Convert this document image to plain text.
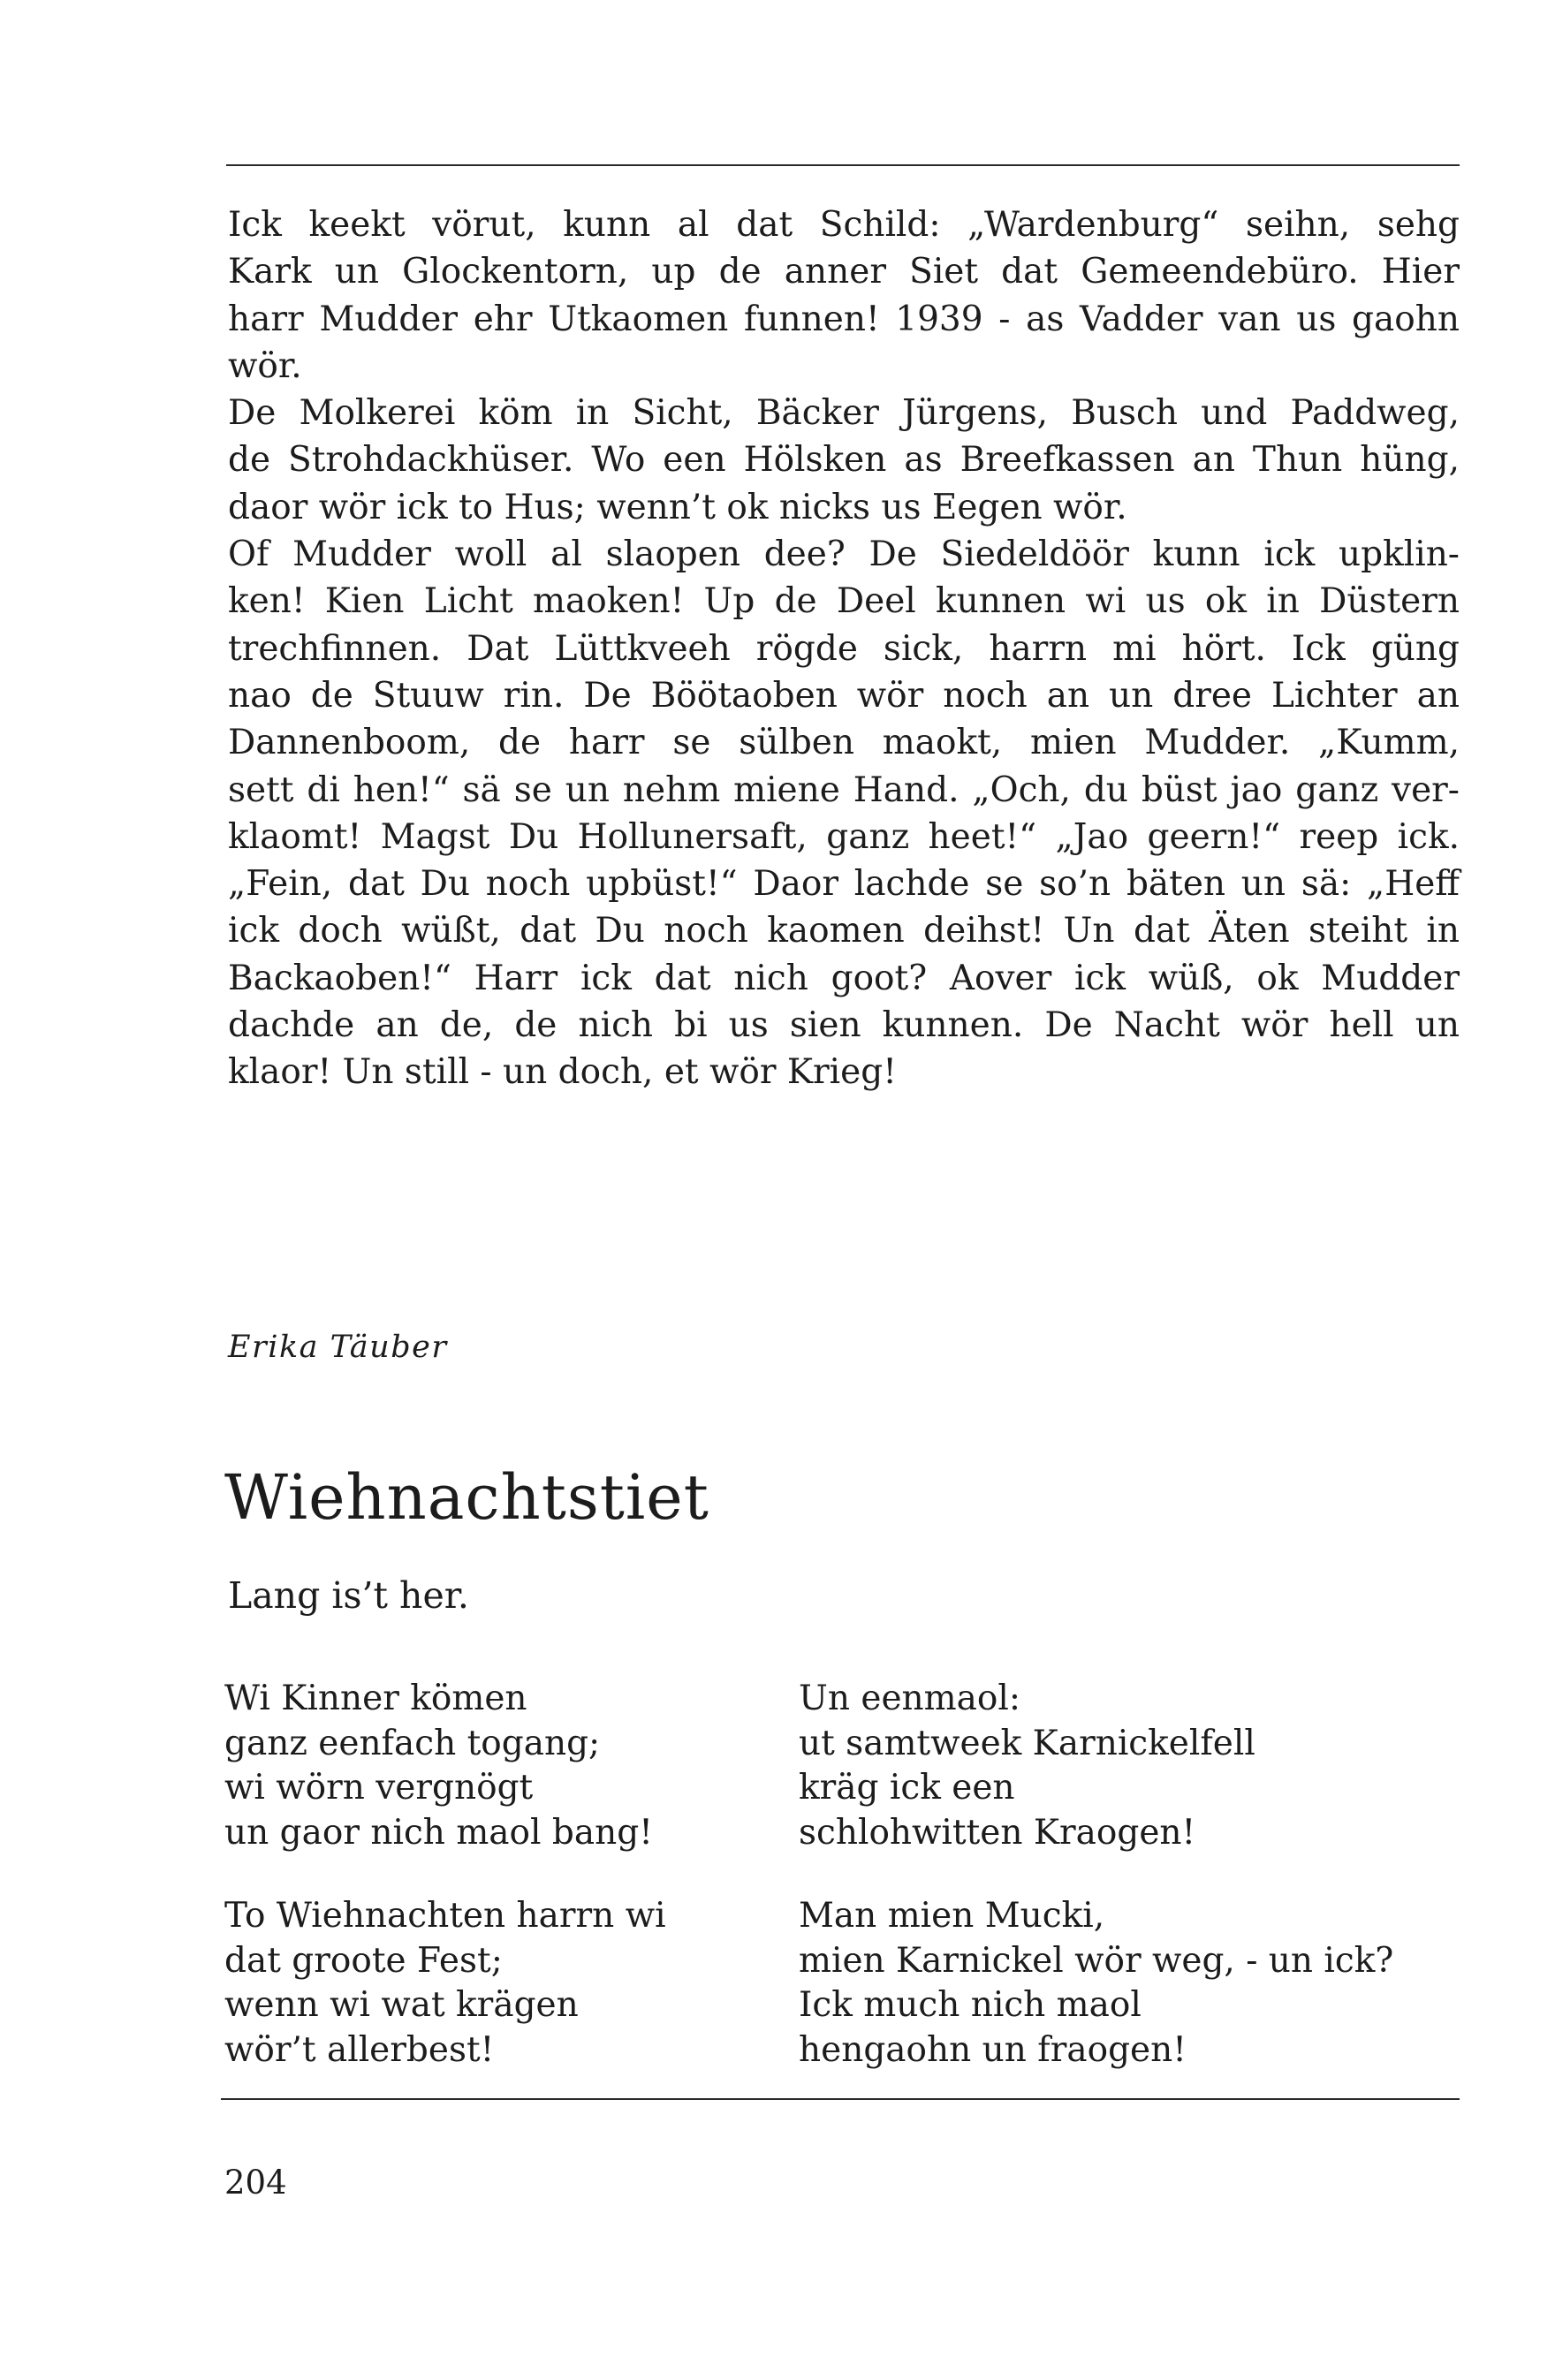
Ick keekt vörut, kunn al dat Schild: „Wardenburg“ seihn, sehg
Kark un Glockentorn, up de anner Siet dat Gemeendebüro. Hier
harr Mudder ehr Utkaomen funnen! 1939 - as Vadder van us gaohn
wör.
De Molkerei köm in Sicht, Bäcker Jürgens, Busch und Paddweg,
de Strohdackhüser. Wo een Hölsken as Breefkassen an Thun hüng,
daor wör ick to Hus; wenn’t ok nicks us Eegen wör.
Of Mudder woll al slaopen dee? De Siedeldöör kunn ick upklin-
ken! Kien Licht maoken! Up de Deel kunnen wi us ok in Düstern
trechfinnen. Dat Lüttkveeh rögde sick, harrn mi hört. Ick güng
nao de Stuuw rin. De Böötaoben wör noch an un dree Lichter an
Dannenboom, de harr se sülben maokt, mien Mudder. „Kumm,
sett di hen!“ sä se un nehm miene Hand. „Och, du büst jao ganz ver-
klaomt! Magst Du Hollunersaft, ganz heet!“ „Jao geern!“ reep ick.
„Fein, dat Du noch upbüst!“ Daor lachde se so’n bäten un sä: „Heff
ick doch wüßt, dat Du noch kaomen deihst! Un dat Äten steiht in
Backaoben!“ Harr ick dat nich goot? Aover ick wüß, ok Mudder
dachde an de, de nich bi us sien kunnen. De Nacht wör hell un
klaor! Un still - un doch, et wör Krieg!
Erika Täuber
Wiehnachtstiet
Lang is’t her.
Wi Kinner kömen
ganz eenfach togang;
wi wörn vergnögt
un gaor nich maol bang!
To Wiehnachten harrn wi
dat groote Fest;
wenn wi wat krägen
wör’t allerbest!
Un eenmaol:
ut samtweek Karnickelfell
kräg ick een
schlohwitten Kraogen!
Man mien Mucki,
mien Karnickel wör weg, - un ick?
Ick much nich maol
hengaohn un fraogen!
204
